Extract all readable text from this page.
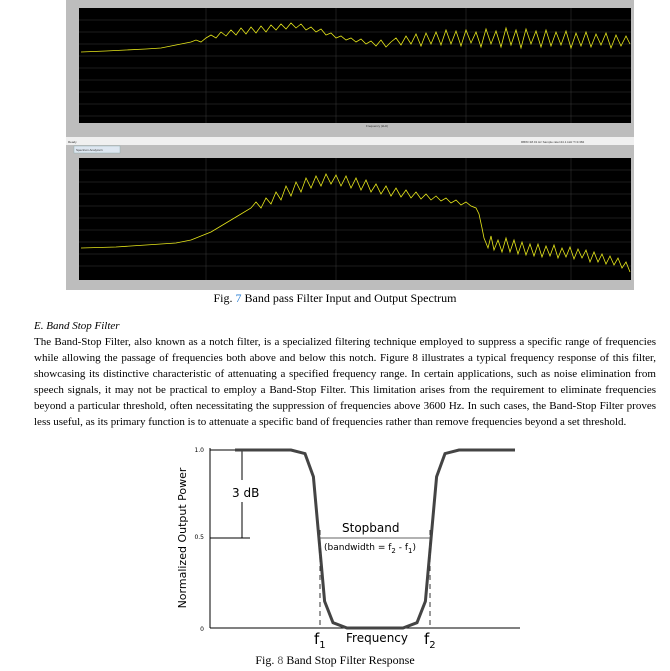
Frequency (kHz)
Ready	RBW=18.01 Hz Sample rate=44.1 kHz T=3.384
Spectrum Analyzer1
Fig. 7 Band pass Filter Input and Output Spectrum
E. Band Stop Filter
The Band-Stop Filter, also known as a notch filter, is a specialized filtering technique employed to suppress a specific range of frequencies while allowing the passage of frequencies both above and below this notch. Figure 8 illustrates a typical frequency response of this filter, showcasing its distinctive characteristic of attenuating a specified frequency range. In certain applications, such as noise elimination from speech signals, it may not be practical to employ a Band-Stop Filter. This limitation arises from the requirement to eliminate frequencies beyond a particular threshold, often necessitating the suppression of frequencies above 3600 Hz. In such cases, the Band-Stop Filter proves less useful, as its primary function is to attenuate a specific band of frequencies rather than remove frequencies beyond a set threshold.
1.0
0.5
0
Normalized Output Power	3 dB
Stopband
(bandwidth = $f_2 - f_1$)
$f_1$
Frequency $f_2$
Fig. 8 Band Stop Filter Response
